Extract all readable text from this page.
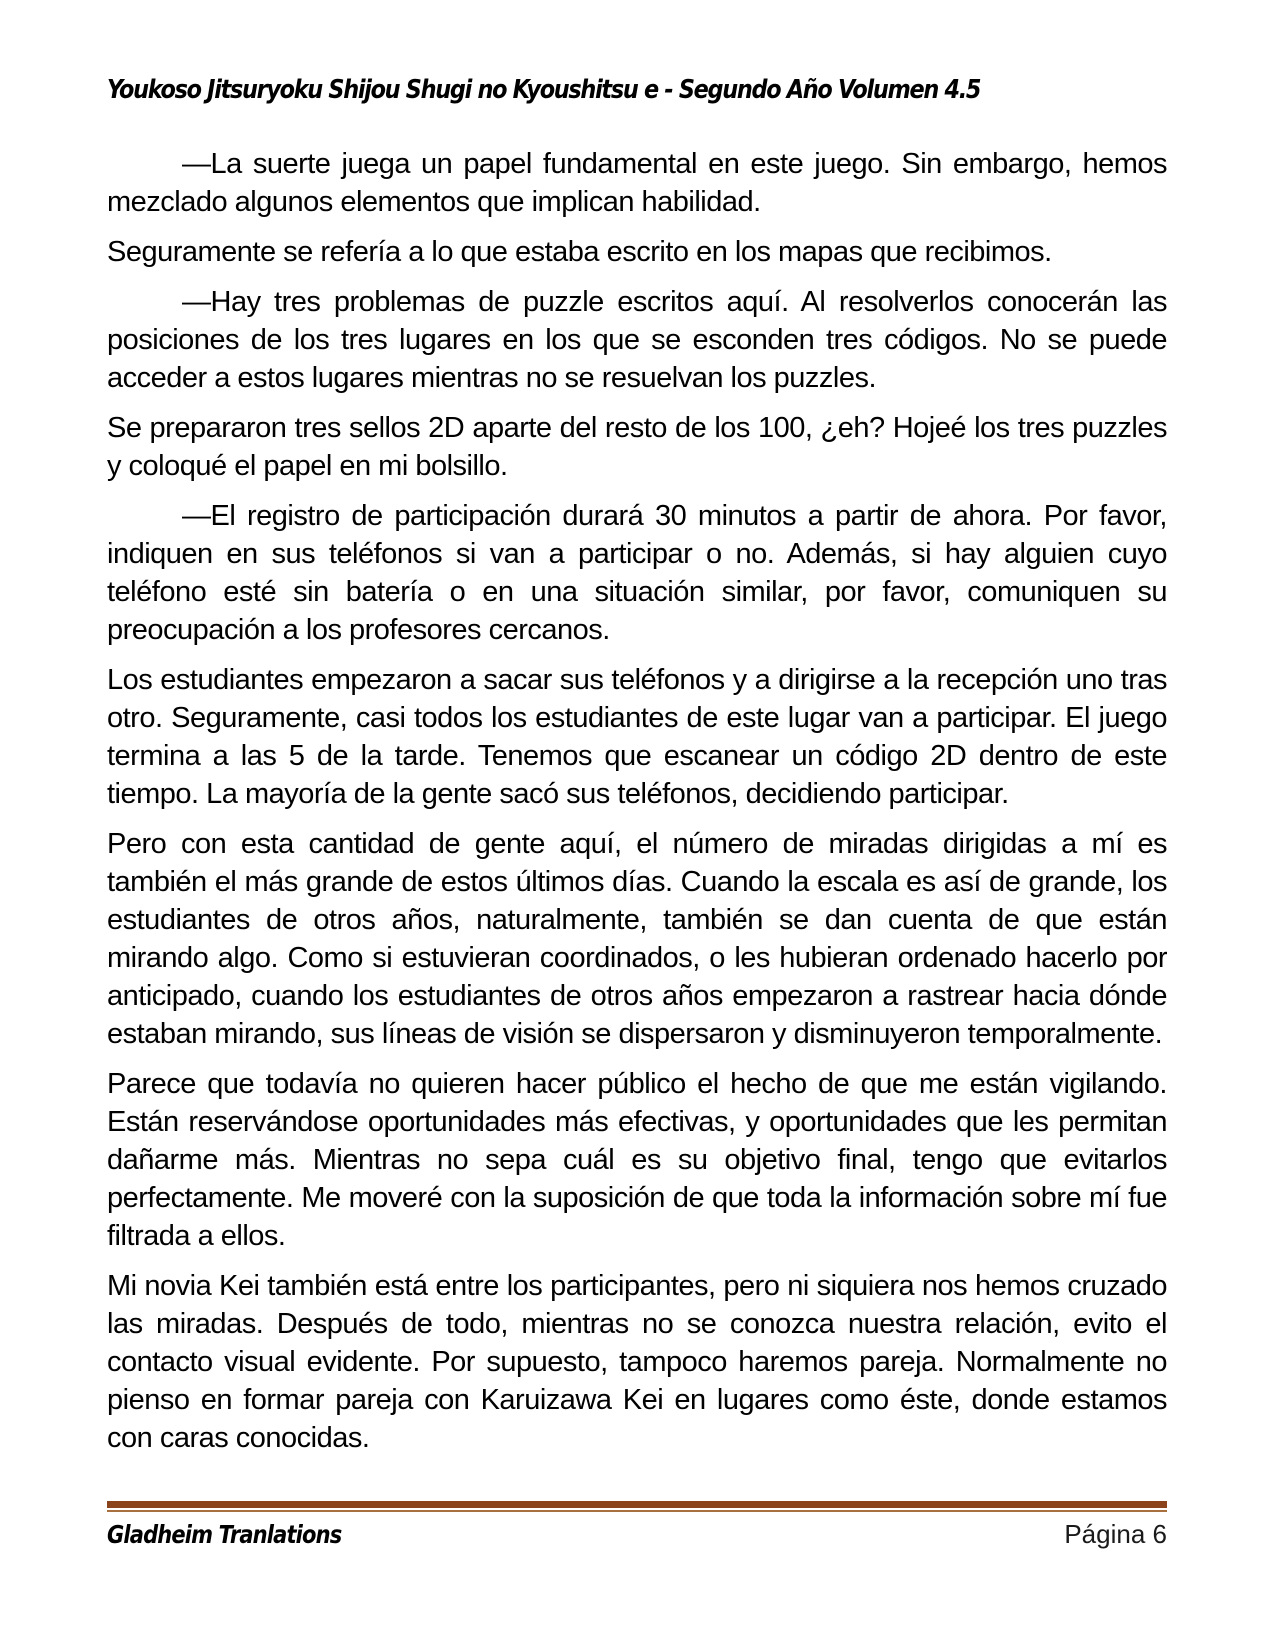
Youkoso Jitsuryoku Shijou Shugi no Kyoushitsu e - Segundo Año Volumen 4.5

—La suerte juega un papel fundamental en este juego. Sin embargo, hemos mezclado algunos elementos que implican habilidad.

Seguramente se refería a lo que estaba escrito en los mapas que recibimos.

—Hay tres problemas de puzzle escritos aquí. Al resolverlos conocerán las posiciones de los tres lugares en los que se esconden tres códigos. No se puede acceder a estos lugares mientras no se resuelvan los puzzles.

Se prepararon tres sellos 2D aparte del resto de los 100, ¿eh? Hojeé los tres puzzles y coloqué el papel en mi bolsillo.

—El registro de participación durará 30 minutos a partir de ahora. Por favor, indiquen en sus teléfonos si van a participar o no. Además, si hay alguien cuyo teléfono esté sin batería o en una situación similar, por favor, comuniquen su preocupación a los profesores cercanos.

Los estudiantes empezaron a sacar sus teléfonos y a dirigirse a la recepción uno tras otro. Seguramente, casi todos los estudiantes de este lugar van a participar. El juego termina a las 5 de la tarde. Tenemos que escanear un código 2D dentro de este tiempo. La mayoría de la gente sacó sus teléfonos, decidiendo participar.

Pero con esta cantidad de gente aquí, el número de miradas dirigidas a mí es también el más grande de estos últimos días. Cuando la escala es así de grande, los estudiantes de otros años, naturalmente, también se dan cuenta de que están mirando algo. Como si estuvieran coordinados, o les hubieran ordenado hacerlo por anticipado, cuando los estudiantes de otros años empezaron a rastrear hacia dónde estaban mirando, sus líneas de visión se dispersaron y disminuyeron temporalmente.

Parece que todavía no quieren hacer público el hecho de que me están vigilando. Están reservándose oportunidades más efectivas, y oportunidades que les permitan dañarme más. Mientras no sepa cuál es su objetivo final, tengo que evitarlos perfectamente. Me moveré con la suposición de que toda la información sobre mí fue filtrada a ellos.

Mi novia Kei también está entre los participantes, pero ni siquiera nos hemos cruzado las miradas. Después de todo, mientras no se conozca nuestra relación, evito el contacto visual evidente. Por supuesto, tampoco haremos pareja. Normalmente no pienso en formar pareja con Karuizawa Kei en lugares como éste, donde estamos con caras conocidas.

Gladheim Tranlations	Página 6
